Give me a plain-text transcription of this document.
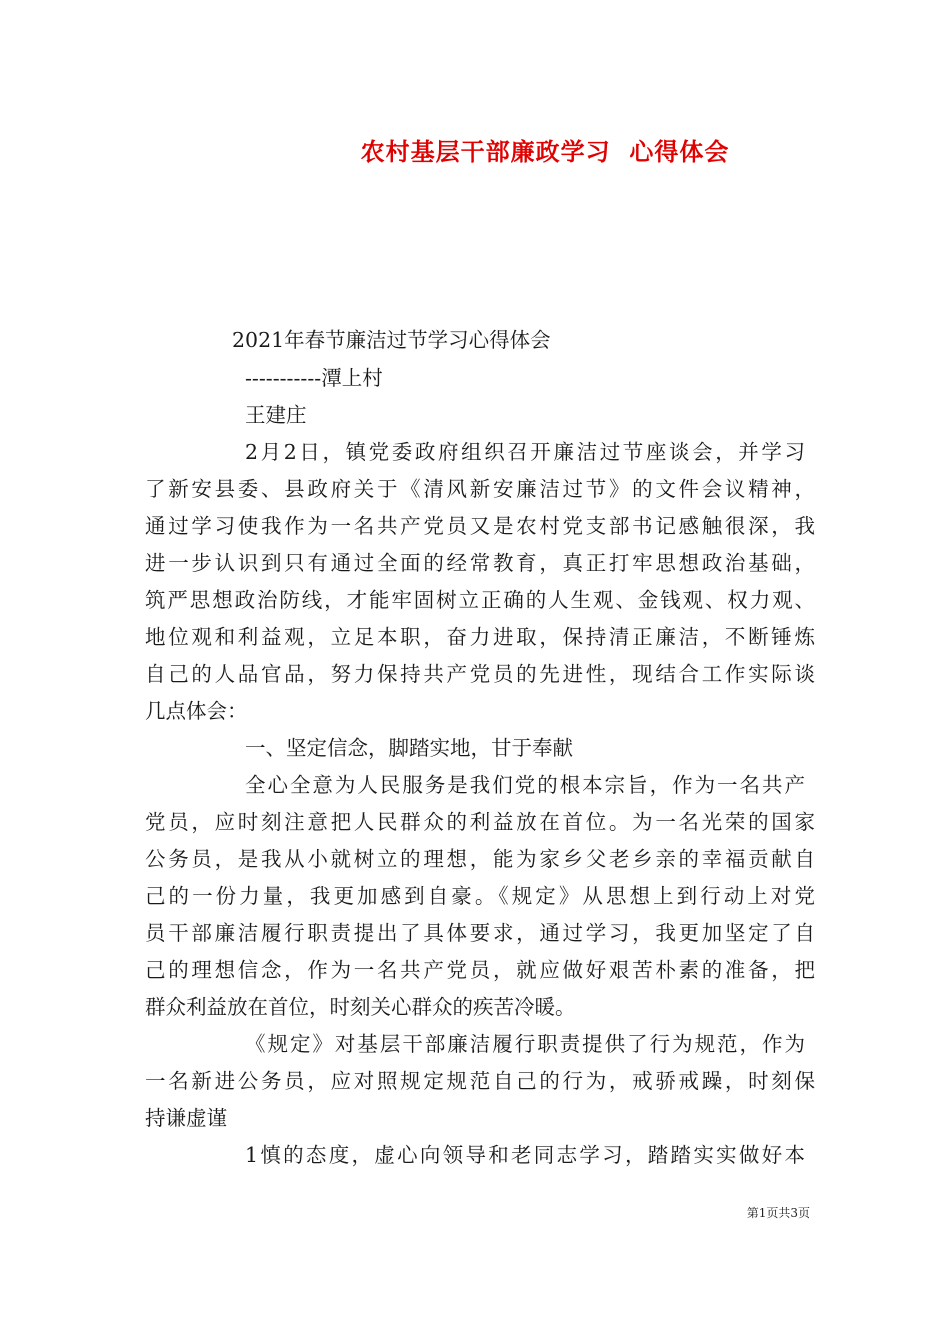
农村基层干部廉政学习  心得体会

2021年春节廉洁过节学习心得体会

-----------潭上村

王建庄

2月2日，镇党委政府组织召开廉洁过节座谈会，并学习

了新安县委、县政府关于《清风新安廉洁过节》的文件会议精神，

通过学习使我作为一名共产党员又是农村党支部书记感触很深，我

进一步认识到只有通过全面的经常教育，真正打牢思想政治基础，

筑严思想政治防线，才能牢固树立正确的人生观、金钱观、权力观、

地位观和利益观，立足本职，奋力进取，保持清正廉洁，不断锤炼

自己的人品官品，努力保持共产党员的先进性，现结合工作实际谈

几点体会：

一、坚定信念，脚踏实地，甘于奉献

全心全意为人民服务是我们党的根本宗旨，作为一名共产

党员，应时刻注意把人民群众的利益放在首位。为一名光荣的国家

公务员，是我从小就树立的理想，能为家乡父老乡亲的幸福贡献自

己的一份力量，我更加感到自豪。《规定》从思想上到行动上对党

员干部廉洁履行职责提出了具体要求，通过学习，我更加坚定了自

己的理想信念，作为一名共产党员，就应做好艰苦朴素的准备，把

群众利益放在首位，时刻关心群众的疾苦冷暖。

《规定》对基层干部廉洁履行职责提供了行为规范，作为

一名新进公务员，应对照规定规范自己的行为，戒骄戒躁，时刻保

持谦虚谨

1慎的态度，虚心向领导和老同志学习，踏踏实实做好本

第1页共3页
